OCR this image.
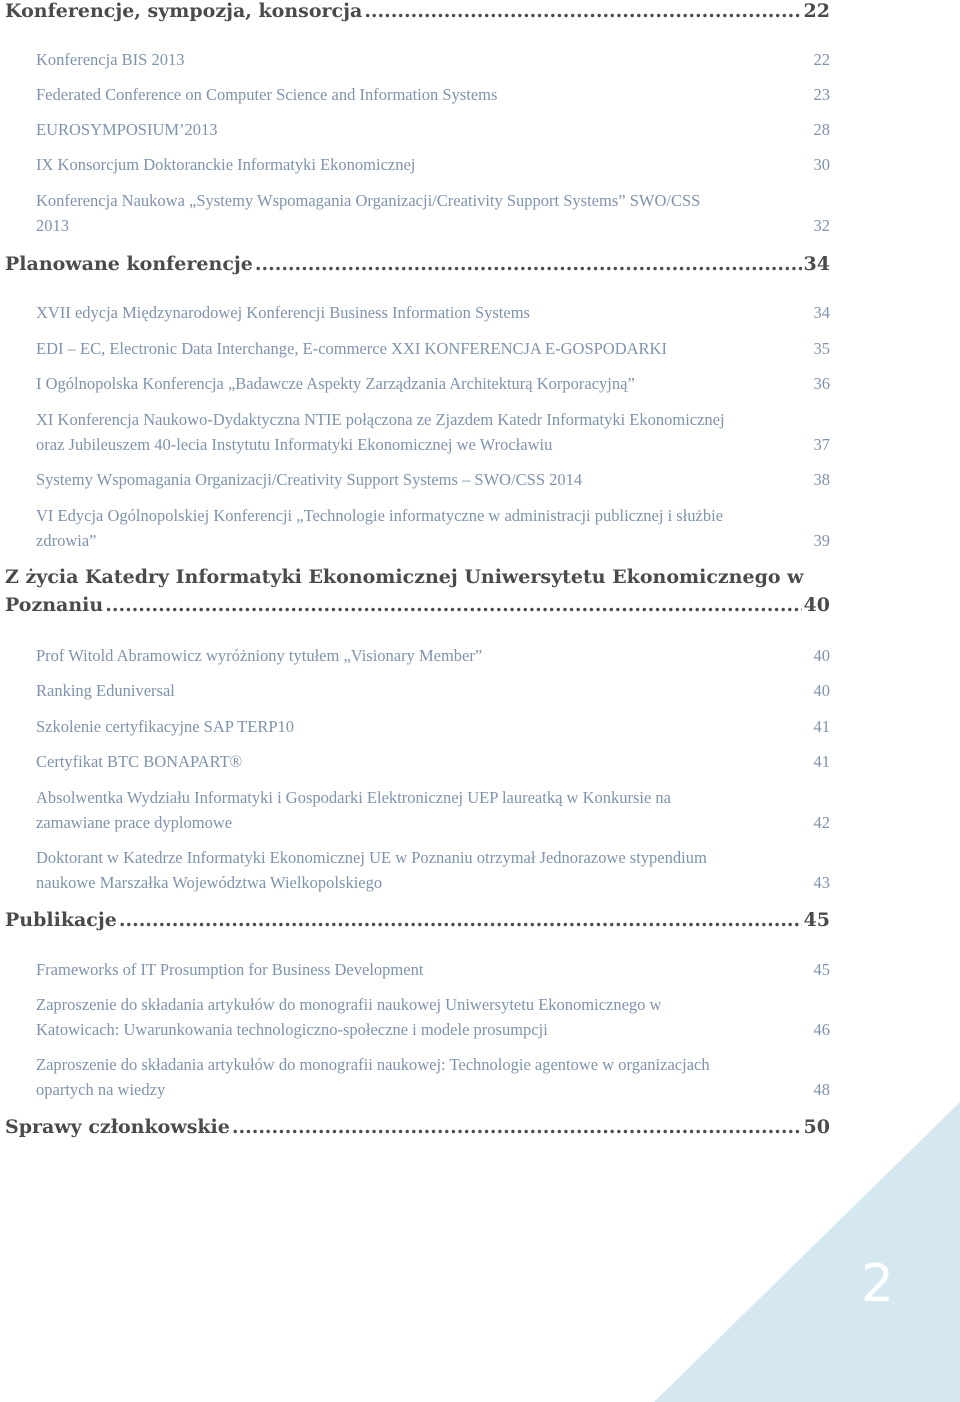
2
Konferencje, sympozja, konsorcja .....	22
Konferencja BIS 2013	22
Federated Conference on Computer Science and Information Systems	23
EUROSYMPOSIUM’2013	28
IX Konsorcjum Doktoranckie Informatyki Ekonomicznej	30
Konferencja Naukowa „Systemy Wspomagania Organizacji/Creativity Support Systems” SWO/CSS
2013	32
Planowane konferencje .....	34
XVII edycja Międzynarodowej Konferencji Business Information Systems	34
EDI – EC, Electronic Data Interchange, E-commerce XXI KONFERENCJA E-GOSPODARKI	35
I Ogólnopolska Konferencja „Badawcze Aspekty Zarządzania Architekturą Korporacyjną”	36
XI Konferencja Naukowo-Dydaktyczna NTIE połączona ze Zjazdem Katedr Informatyki Ekonomicznej
oraz Jubileuszem 40-lecia Instytutu Informatyki Ekonomicznej we Wrocławiu	37
Systemy Wspomagania Organizacji/Creativity Support Systems – SWO/CSS 2014	38
VI Edycja Ogólnopolskiej Konferencji „Technologie informatyczne w administracji publicznej i służbie
zdrowia”	39
Z życia Katedry Informatyki Ekonomicznej Uniwersytetu Ekonomicznego w
Poznaniu .....	40
Prof Witold Abramowicz wyróżniony tytułem „Visionary Member”	40
Ranking Eduniversal	40
Szkolenie certyfikacyjne SAP TERP10	41
Certyfikat BTC BONAPART®	41
Absolwentka Wydziału Informatyki i Gospodarki Elektronicznej UEP laureatką w Konkursie na
zamawiane prace dyplomowe	42
Doktorant w Katedrze Informatyki Ekonomicznej UE w Poznaniu otrzymał Jednorazowe stypendium
naukowe Marszałka Województwa Wielkopolskiego	43
Publikacje .....	45
Frameworks of IT Prosumption for Business Development	45
Zaproszenie do składania artykułów do monografii naukowej Uniwersytetu Ekonomicznego w
Katowicach: Uwarunkowania technologiczno-społeczne i modele prosumpcji	46
Zaproszenie do składania artykułów do monografii naukowej: Technologie agentowe w organizacjach
opartych na wiedzy	48
Sprawy członkowskie .....	50
